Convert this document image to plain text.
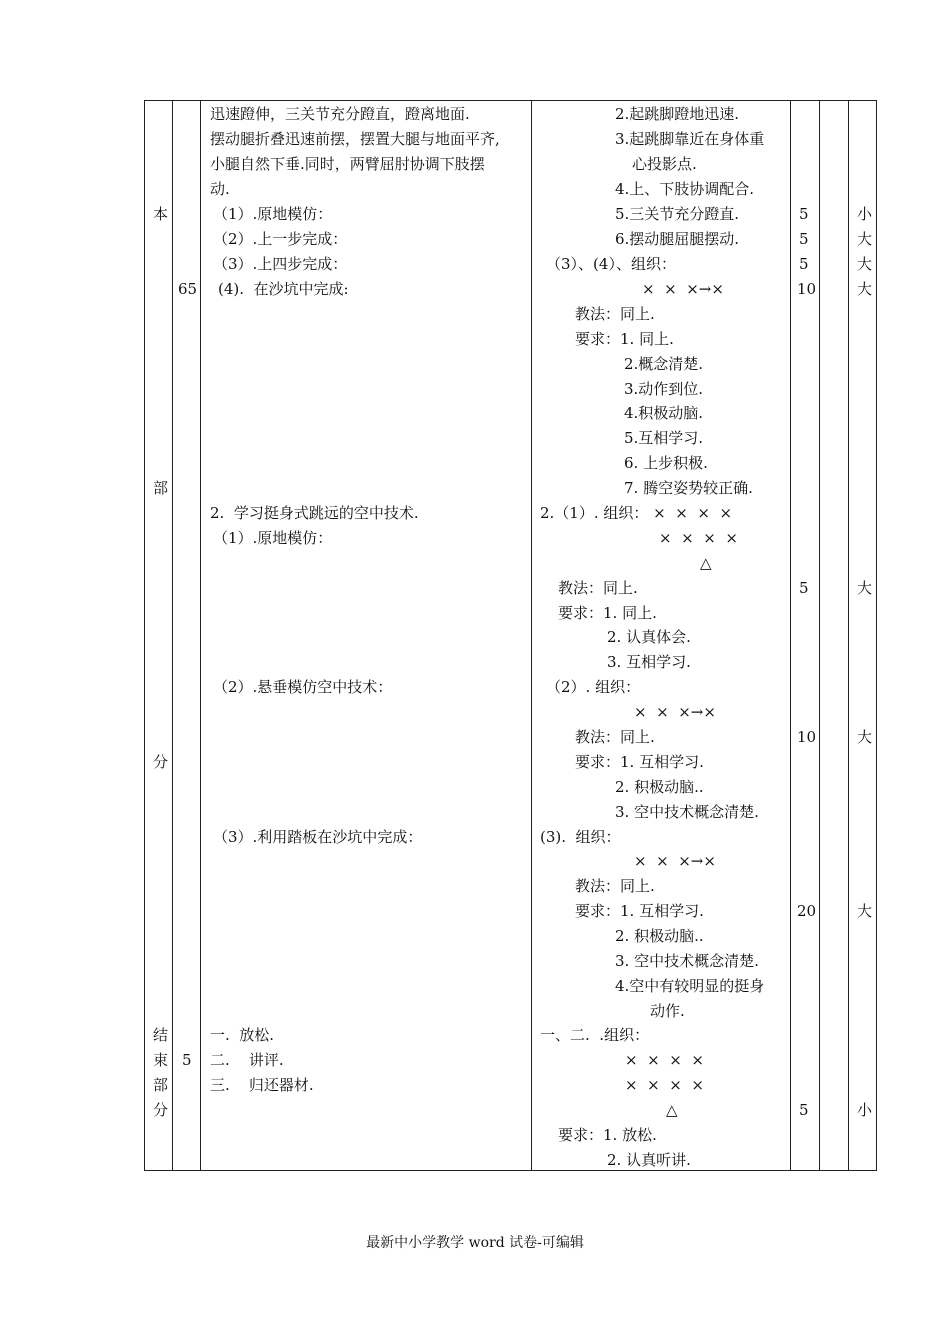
本
部
分
结
束
部
分
65
5
迅速蹬伸，三关节充分蹬直，蹬离地面.
摆动腿折叠迅速前摆，摆置大腿与地面平齐,
小腿自然下垂.同时，两臂屈肘协调下肢摆
动.
（1）.原地模仿：
（2）.上一步完成：
（3）.上四步完成：
(4).  在沙坑中完成:
2.  学习挺身式跳远的空中技术.
（1）.原地模仿：
（2）.悬垂模仿空中技术：
（3）.利用踏板在沙坑中完成：
一.  放松.
二.    讲评.
三.    归还器材.
2.起跳脚蹬地迅速.
3.起跳脚靠近在身体重
心投影点.
4.上、下肢协调配合.
5.三关节充分蹬直.
6.摆动腿屈腿摆动.
（3）、(4）、组织：
×  ×  ×→×
教法：同上.
要求：1. 同上.
2.概念清楚.
3.动作到位.
4.积极动脑.
5.互相学习.
6. 上步积极.
7. 腾空姿势较正确.
2.（1）. 组织： ×  ×  ×  ×
×  ×  ×  ×
△
教法：同上.
要求：1. 同上.
2. 认真体会.
3. 互相学习.
（2）. 组织：
×  ×  ×→×
教法：同上.
要求：1. 互相学习.
2. 积极动脑..
3. 空中技术概念清楚.
(3).  组织：
×  ×  ×→×
教法：同上.
要求：1. 互相学习.
2. 积极动脑..
3. 空中技术概念清楚.
4.空中有较明显的挺身
动作.
一、二.  .组织：
×  ×  ×  ×
×  ×  ×  ×
△
要求：1. 放松.
2. 认真听讲.
5
5
5
10
5
10
20
5
小
大
大
大
大
大
大
小
最新中小学教学 word 试卷-可编辑
